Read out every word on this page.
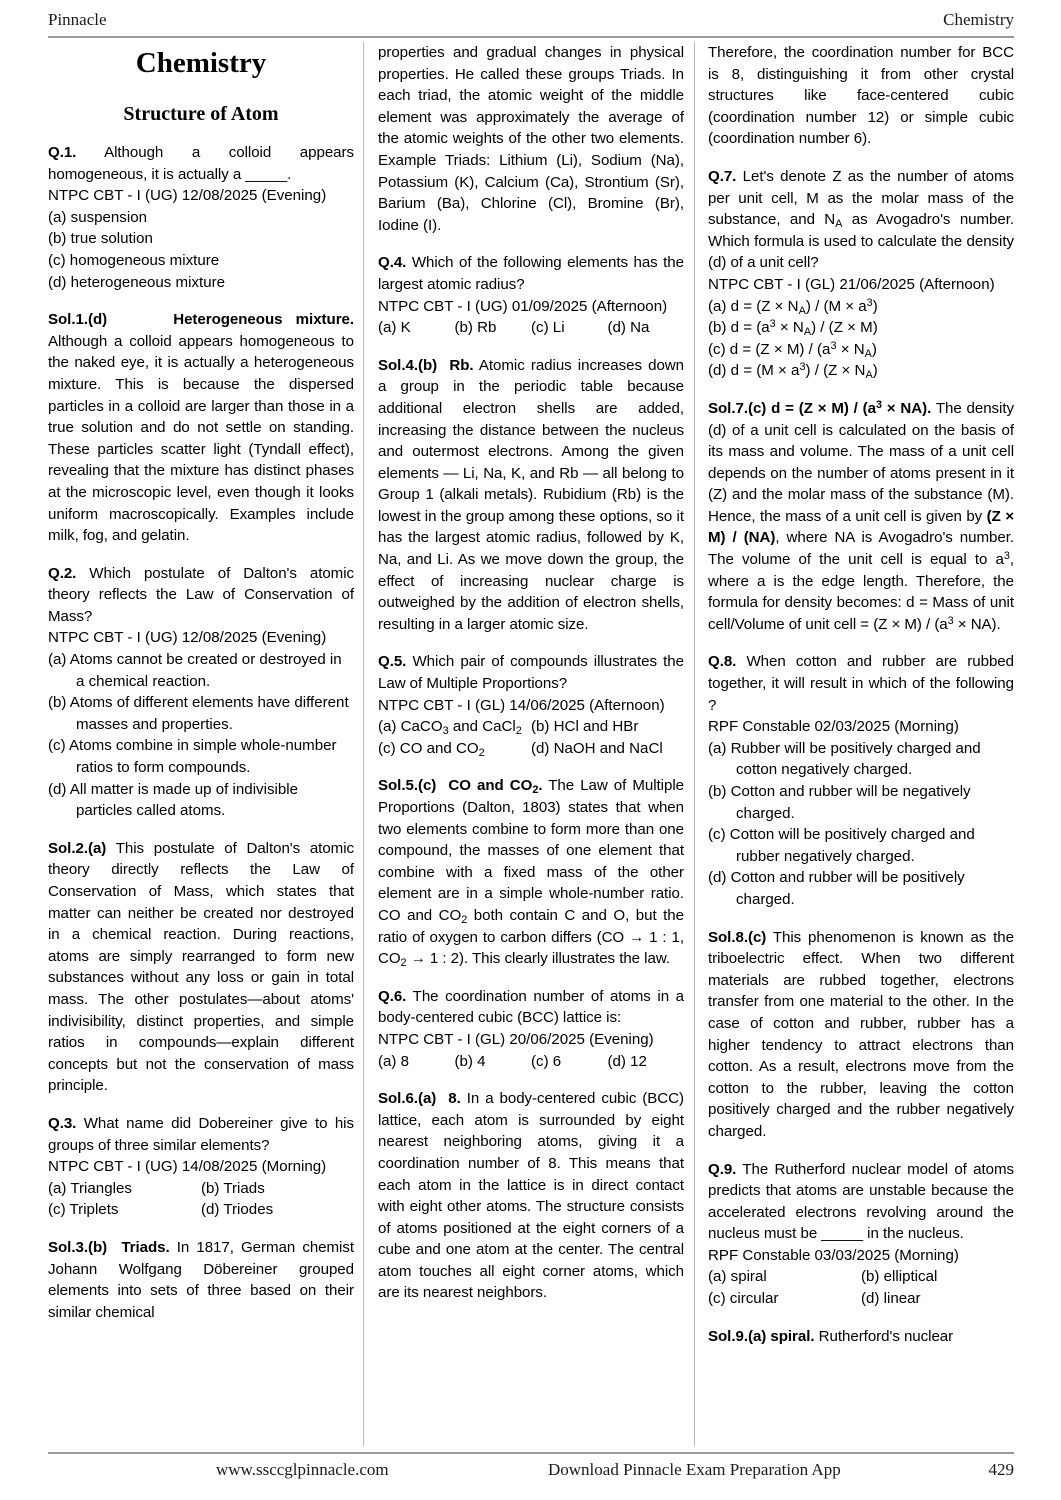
Pinnacle	Chemistry
Chemistry
Structure of Atom

Q.1. Although a colloid appears homogeneous, it is actually a _____.

NTPC CBT - I (UG) 12/08/2025 (Evening)

(a) suspension

(b) true solution

(c) homogeneous mixture

(d) heterogeneous mixture

Sol.1.(d)	Heterogeneous mixture. Although a colloid appears homogeneous to the naked eye, it is actually a heterogeneous mixture. This is because the dispersed particles in a colloid are larger than those in a true solution and do not settle on standing. These particles scatter light (Tyndall effect), revealing that the mixture has distinct phases at the microscopic level, even though it looks uniform macroscopically. Examples include milk, fog, and gelatin.

Q.2. Which postulate of Dalton's atomic theory reflects the Law of Conservation of Mass?

NTPC CBT - I (UG) 12/08/2025 (Evening)

(a) Atoms cannot be created or destroyed in a chemical reaction.

(b) Atoms of different elements have different masses and properties.

(c) Atoms combine in simple whole-number ratios to form compounds.

(d) All matter is made up of indivisible particles called atoms.

Sol.2.(a) This postulate of Dalton's atomic theory directly reflects the Law of Conservation of Mass, which states that matter can neither be created nor destroyed in a chemical reaction. During reactions, atoms are simply rearranged to form new substances without any loss or gain in total mass. The other postulates—about atoms' indivisibility, distinct properties, and simple ratios in compounds—explain different concepts but not the conservation of mass principle.

Q.3. What name did Dobereiner give to his groups of three similar elements?

NTPC CBT - I (UG) 14/08/2025 (Morning)

(a) Triangles	(b) Triads

(c) Triplets	(d) Triodes

Sol.3.(b) Triads. In 1817, German chemist Johann Wolfgang Döbereiner grouped elements into sets of three based on their similar chemical

properties and gradual changes in physical properties. He called these groups Triads. In each triad, the atomic weight of the middle element was approximately the average of the atomic weights of the other two elements. Example Triads: Lithium (Li), Sodium (Na), Potassium (K), Calcium (Ca), Strontium (Sr), Barium (Ba), Chlorine (Cl), Bromine (Br), Iodine (I).

Q.4. Which of the following elements has the largest atomic radius?

NTPC CBT - I (UG) 01/09/2025 (Afternoon)

(a) K	(b) Rb	(c) Li	(d) Na

Sol.4.(b) Rb. Atomic radius increases down a group in the periodic table because additional electron shells are added, increasing the distance between the nucleus and outermost electrons. Among the given elements — Li, Na, K, and Rb — all belong to Group 1 (alkali metals). Rubidium (Rb) is the lowest in the group among these options, so it has the largest atomic radius, followed by K, Na, and Li. As we move down the group, the effect of increasing nuclear charge is outweighed by the addition of electron shells, resulting in a larger atomic size.

Q.5. Which pair of compounds illustrates the Law of Multiple Proportions?

NTPC CBT - I (GL) 14/06/2025 (Afternoon)

(a) CaCO$_3$ and CaCl$_2$ (b) HCl and HBr

(c) CO and $CO_2$	(d) NaOH and NaCl

Sol.5.(c) CO and $CO_2$. The Law of Multiple Proportions (Dalton, 1803) states that when two elements combine to form more than one compound, the masses of one element that combine with a fixed mass of the other element are in a simple whole-number ratio. CO and $CO_2$ both contain C and O, but the ratio of oxygen to carbon differs (CO → 1 : 1, $CO_2 \to 1$ : 2). This clearly illustrates the law.

Q.6. The coordination number of atoms in a body-centered cubic (BCC) lattice is:

NTPC CBT - I (GL) 20/06/2025 (Evening)

(a) 8	(b) 4	(c) 6	(d) 12

Sol.6.(a) 8. In a body-centered cubic (BCC) lattice, each atom is surrounded by eight nearest neighboring atoms, giving it a coordination number of 8. This means that each atom in the lattice is in direct contact with eight other atoms. The structure consists of atoms positioned at the eight corners of a cube and one atom at the center. The central atom touches all eight corner atoms, which are its nearest neighbors.

Therefore, the coordination number for BCC is 8, distinguishing it from other crystal structures like face-centered cubic (coordination number 12) or simple cubic (coordination number 6).

Q.7. Let's denote Z as the number of atoms per unit cell, M as the molar mass of the substance, and $N_A$ as Avogadro's number. Which formula is used to calculate the density (d) of a unit cell?

NTPC CBT - I (GL) 21/06/2025 (Afternoon)

(a) $d = (Z \times N_A) / (M \times a^3)$

(b) $d = (a^3 \times N_A) / (Z \times M)$

(c) $d = (Z \times M) / (a^3 \times N_A)$

(d) $d = (M \times a^3) / (Z \times N_A)$

Sol.7.(c) $d = (Z \times M) / (a^3 \times NA)$. The density (d) of a unit cell is calculated on the basis of its mass and volume. The mass of a unit cell depends on the number of atoms present in it (Z) and the molar mass of the substance (M). Hence, the mass of a unit cell is given by (Z × M) / (NA), where NA is Avogadro's number. The volume of the unit cell is equal to $a^3$, where a is the edge length. Therefore, the formula for density becomes: d = Mass of unit cell/Volume of unit cell = $(Z \times M) / (a^3 \times NA)$.

Q.8. When cotton and rubber are rubbed together, it will result in which of the following ?

RPF Constable 02/03/2025 (Morning)

(a) Rubber will be positively charged and cotton negatively charged.

(b) Cotton and rubber will be negatively charged.

(c) Cotton will be positively charged and rubber negatively charged.

(d) Cotton and rubber will be positively charged.

Sol.8.(c) This phenomenon is known as the triboelectric effect. When two different materials are rubbed together, electrons transfer from one material to the other. In the case of cotton and rubber, rubber has a higher tendency to attract electrons than cotton. As a result, electrons move from the cotton to the rubber, leaving the cotton positively charged and the rubber negatively charged.

Q.9. The Rutherford nuclear model of atoms predicts that atoms are unstable because the accelerated electrons revolving around the nucleus must be _____ in the nucleus.

RPF Constable 03/03/2025 (Morning)

(a) spiral	(b) elliptical

(c) circular	(d) linear

Sol.9.(a) spiral. Rutherford's nuclear

www.ssccglpinnacle.com	Download Pinnacle Exam Preparation App	429
